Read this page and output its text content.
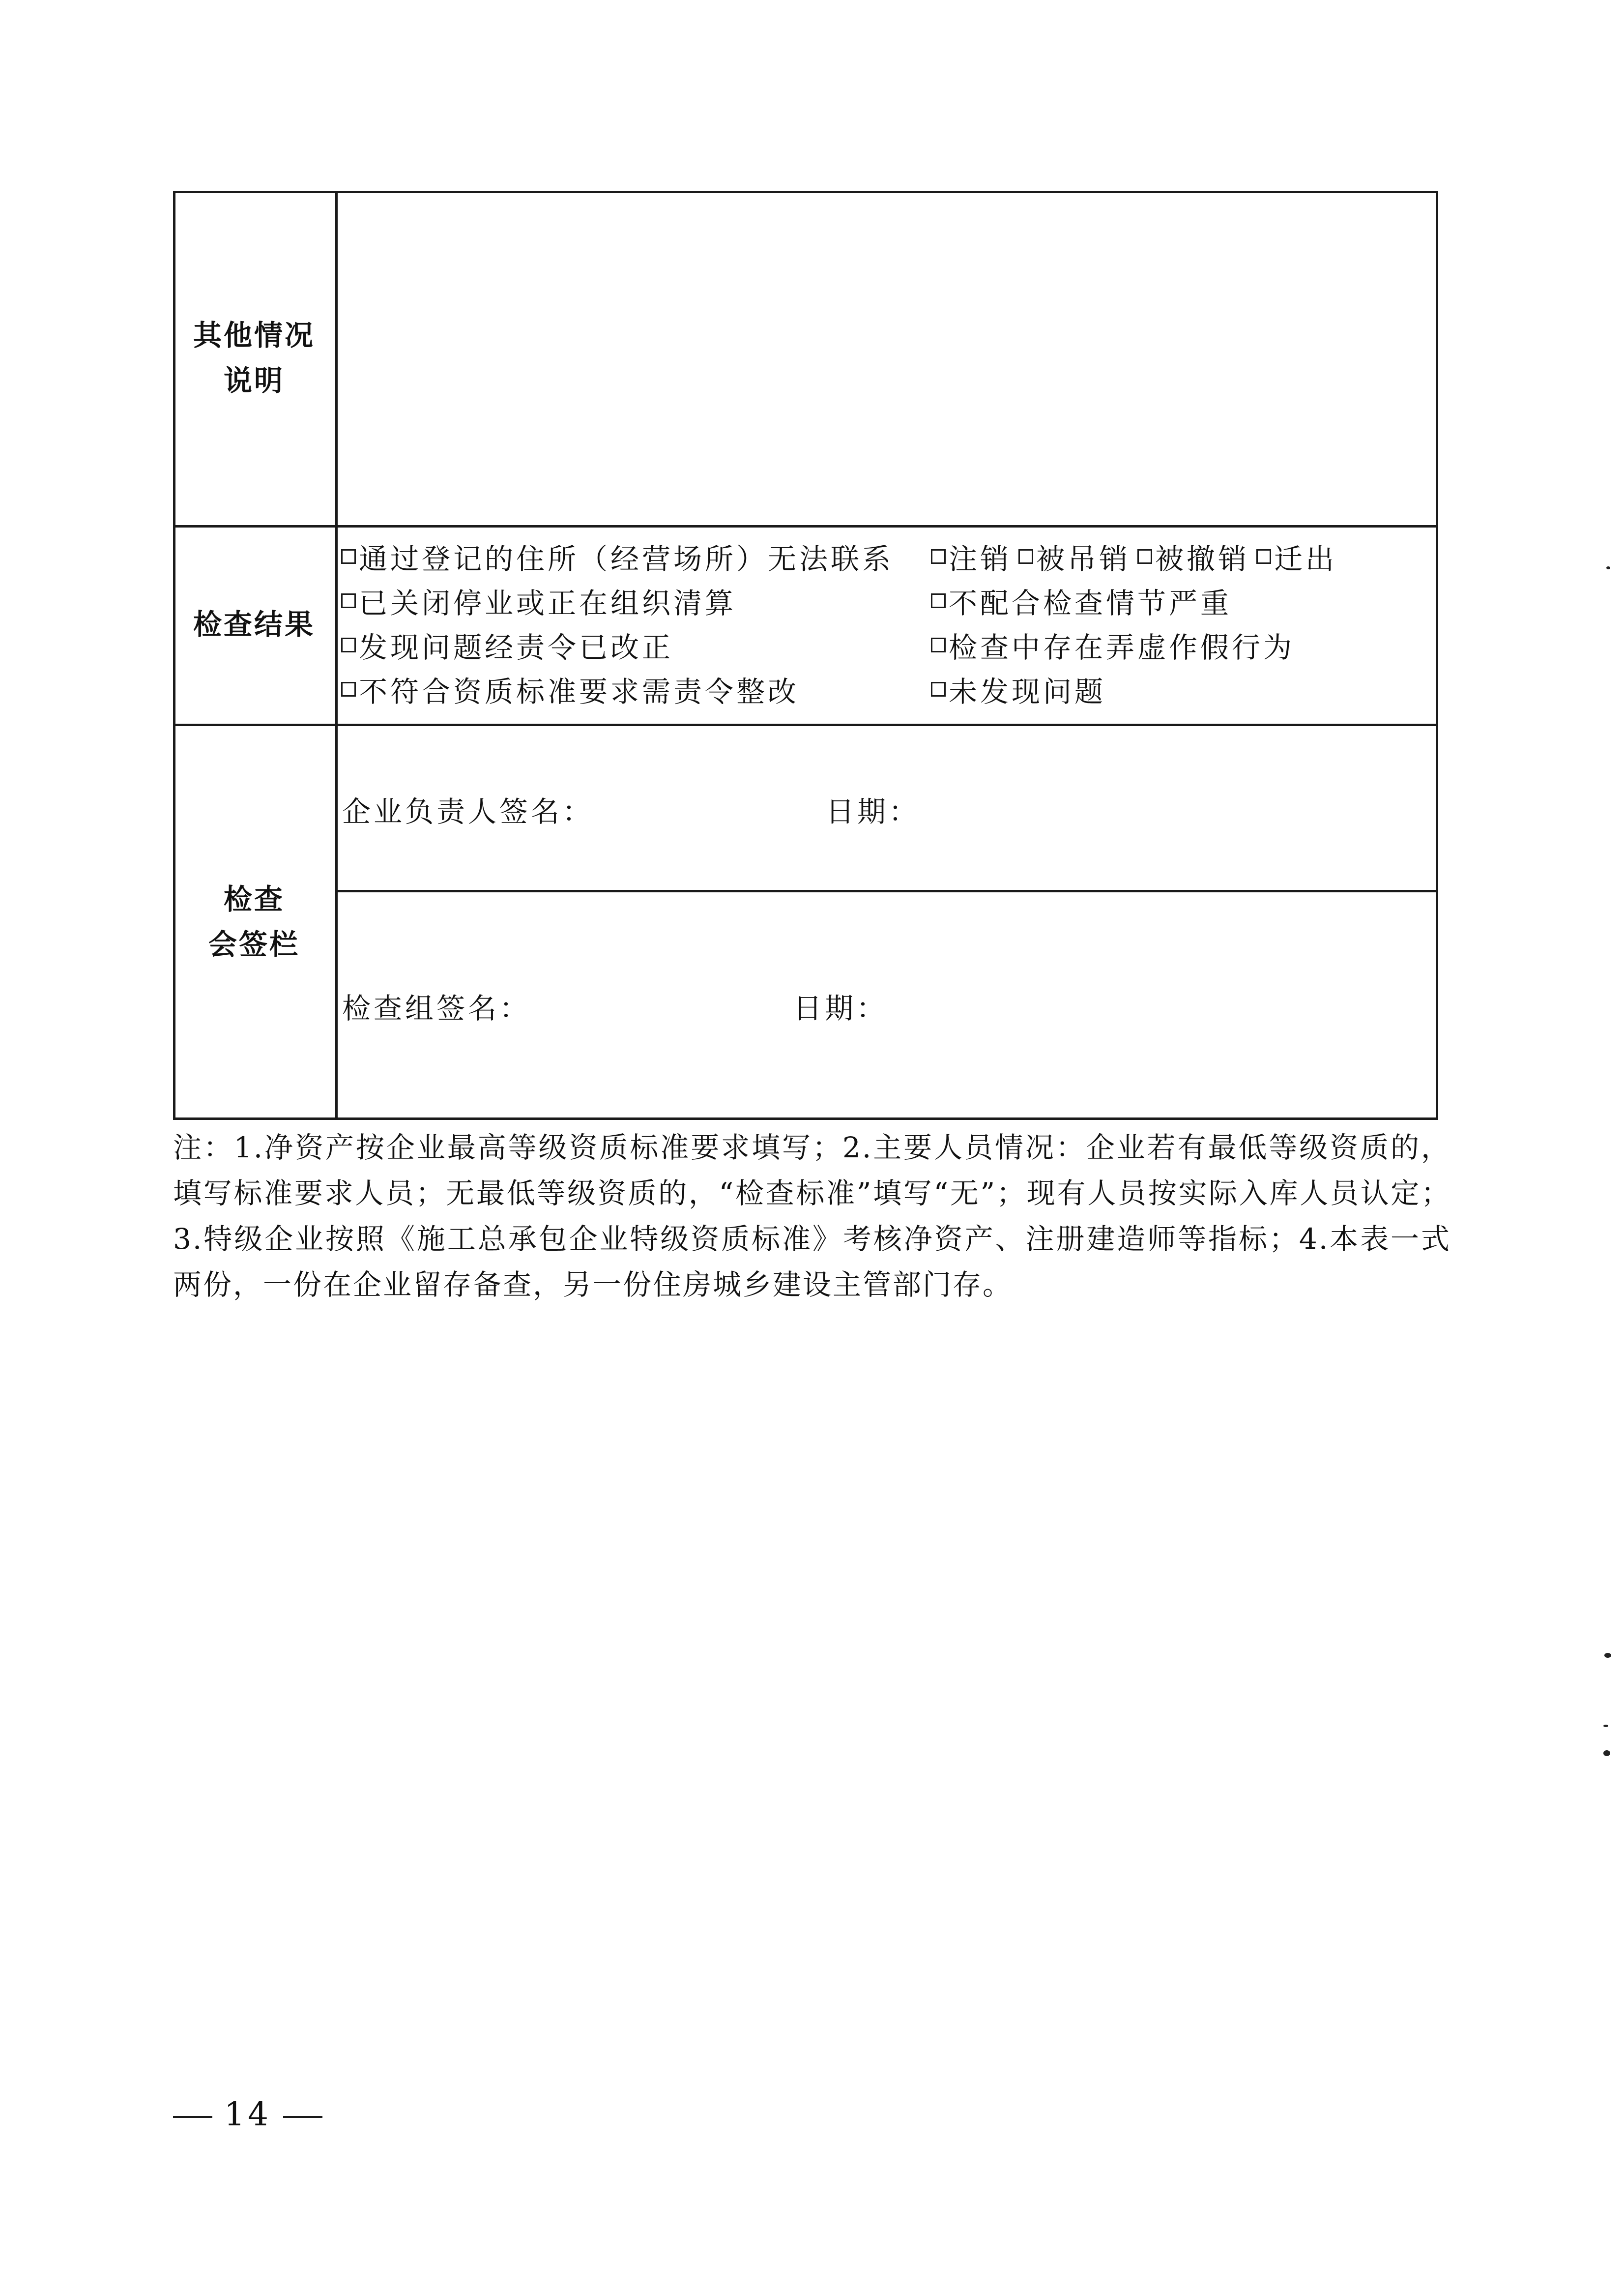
其他情况
说明
检查结果
通过登记的住所（经营场所）无法联系
已关闭停业或正在组织清算
发现问题经责令已改正
不符合资质标准要求需责令整改
注销 被吊销 被撤销 迁出
不配合检查情节严重
检查中存在弄虚作假行为
未发现问题
检查
会签栏
企业负责人签名：	日期：
检查组签名：	日期：
注：1.净资产按企业最高等级资质标准要求填写；2.主要人员情况：企业若有最低等级资质的，填写标准要求人员；无最低等级资质的，“检查标准”填写“无”；现有人员按实际入库人员认定；3.特级企业按照《施工总承包企业特级资质标准》考核净资产、注册建造师等指标；4.本表一式两份，一份在企业留存备查，另一份住房城乡建设主管部门存。
14
